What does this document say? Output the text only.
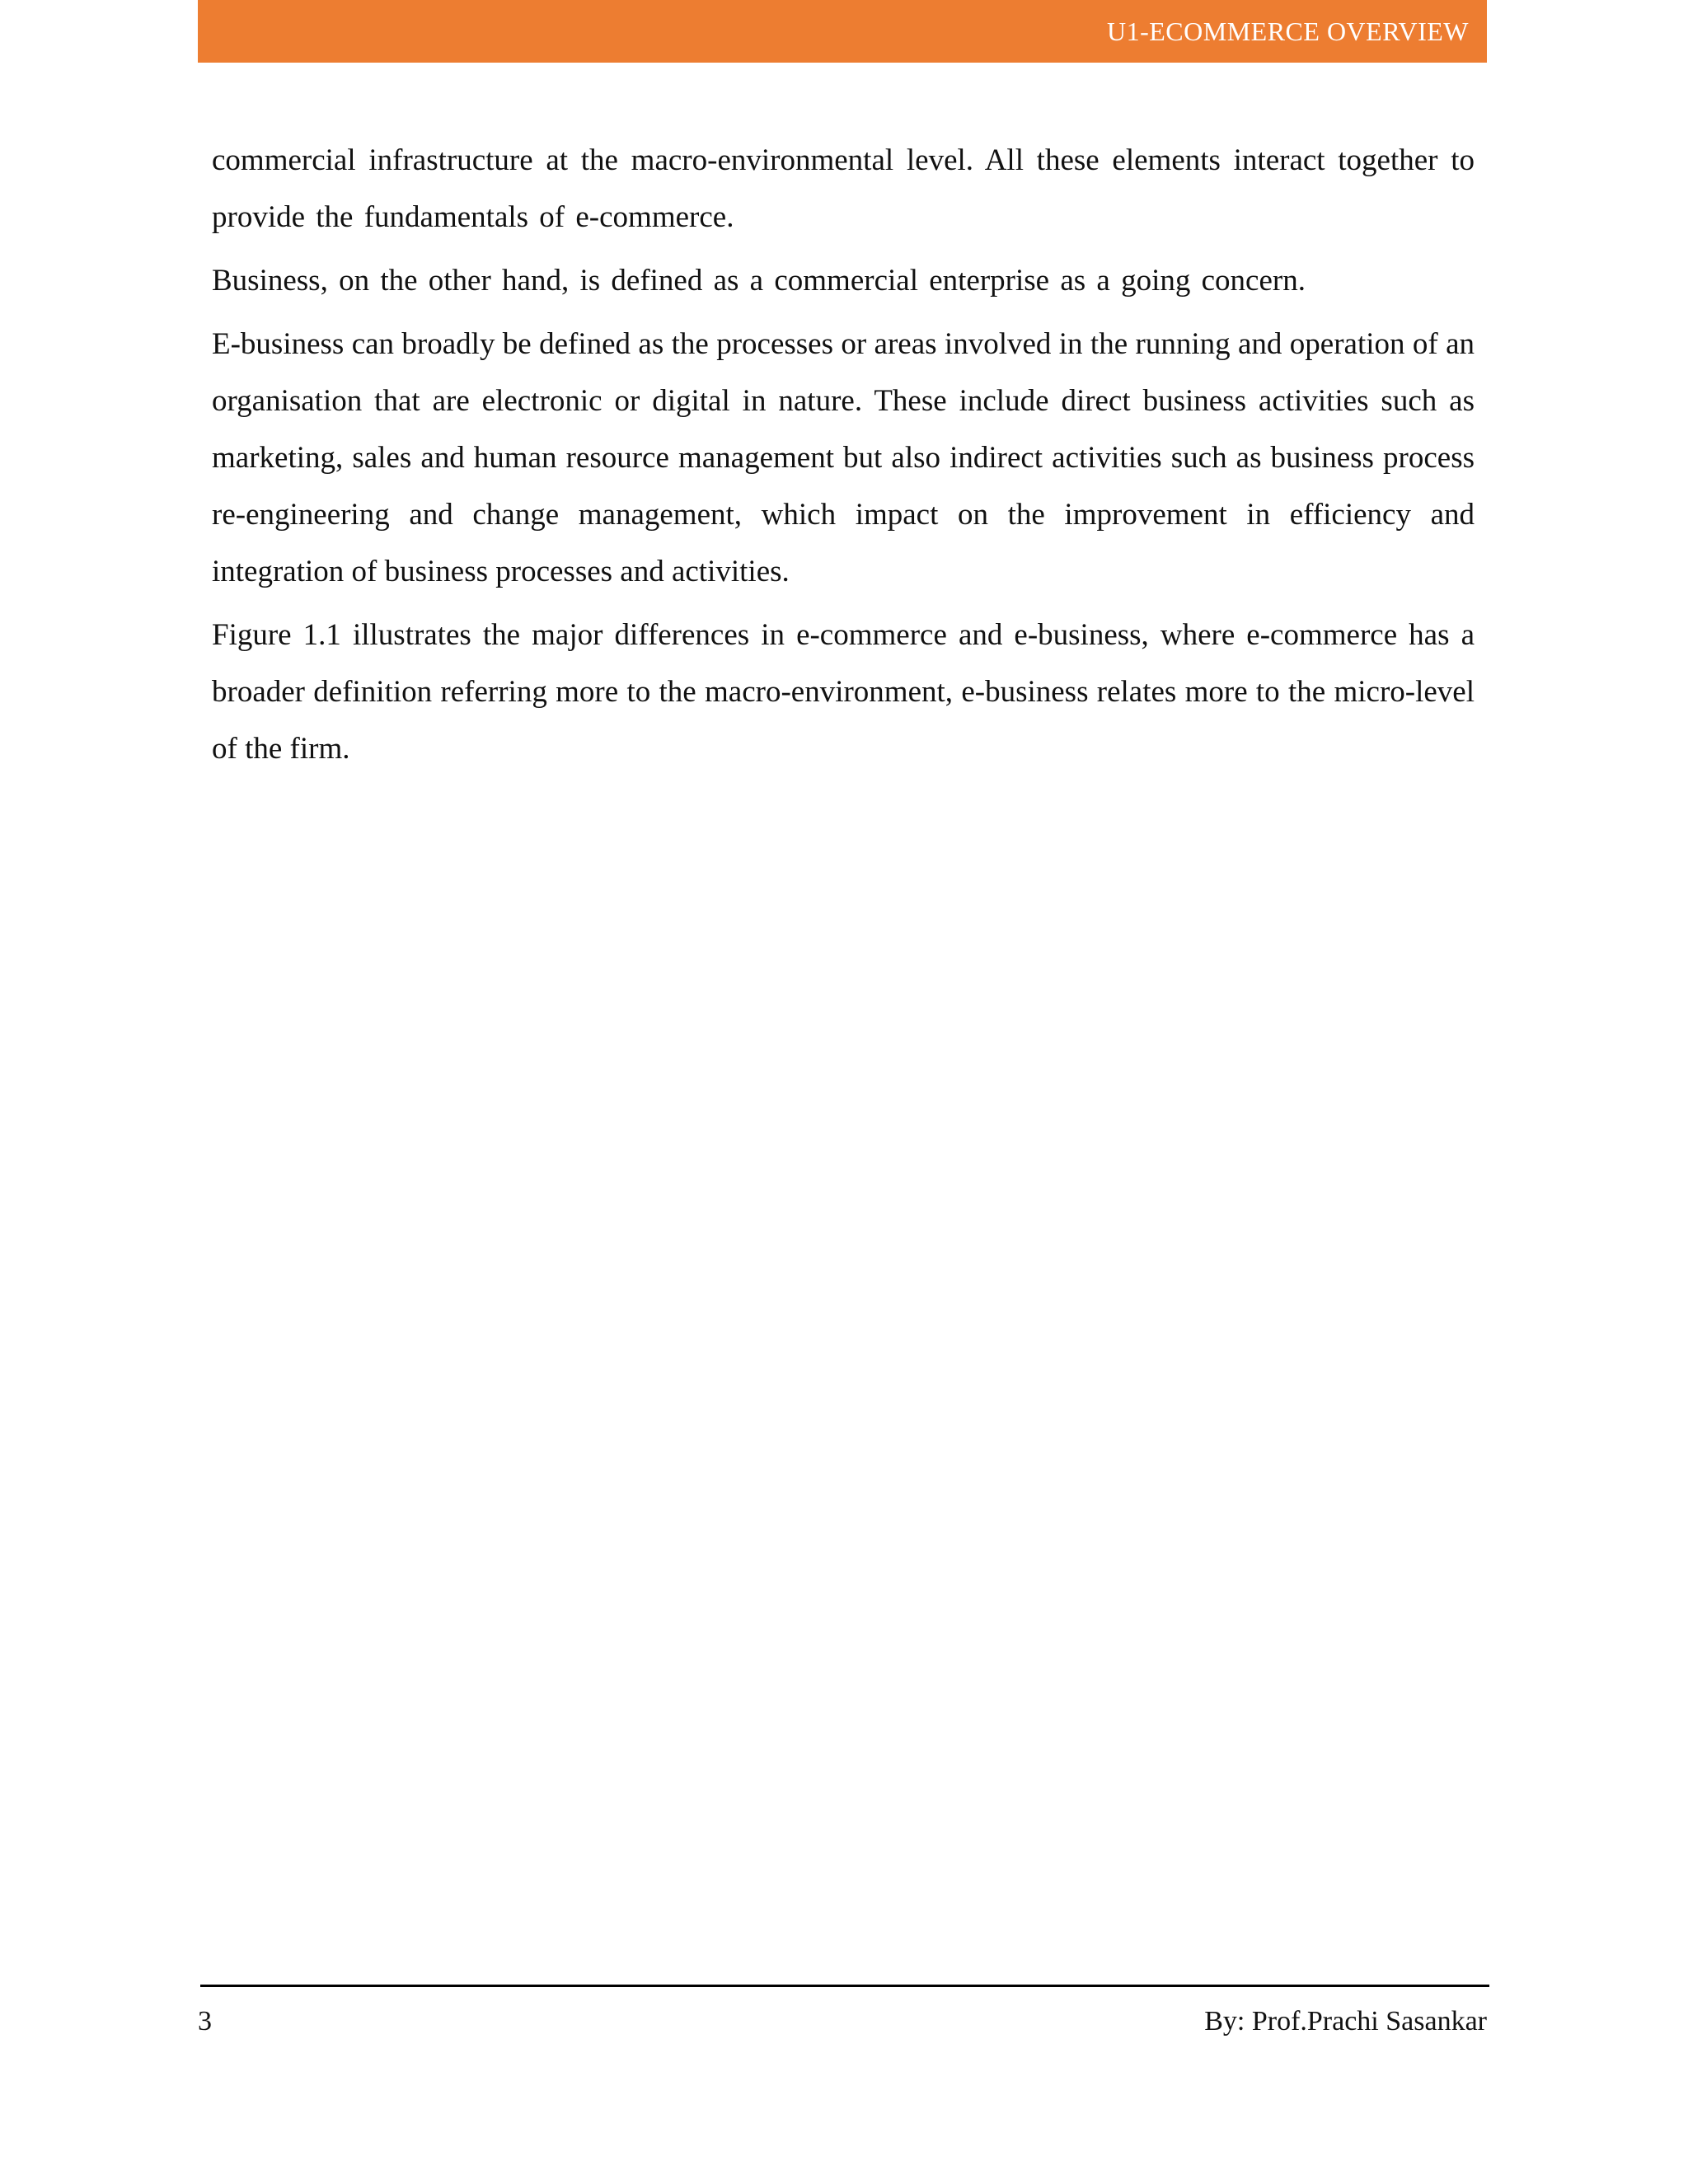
U1-ECOMMERCE OVERVIEW

commercial infrastructure at the macro-environmental level. All these elements interact together to provide the fundamentals of e-commerce.

Business, on the other hand, is defined as a commercial enterprise as a going concern.

E-business can broadly be defined as the processes or areas involved in the running and operation of an organisation that are electronic or digital in nature. These include direct business activities such as marketing, sales and human resource management but also indirect activities such as business process re-engineering and change management, which impact on the improvement in efficiency and integration of business processes and activities.

Figure 1.1 illustrates the major differences in e-commerce and e-business, where e-commerce has a broader definition referring more to the macro-environment, e-business relates more to the micro-level of the firm.

3	By: Prof.Prachi Sasankar
